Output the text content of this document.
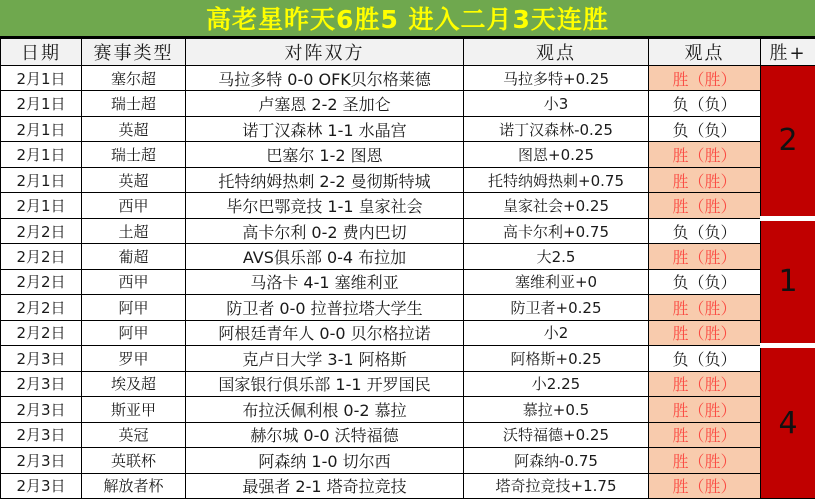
高老星昨天6胜5 进入二月3天连胜
日期	赛事类型	对阵双方	观点	观点	胜+
2月1日	塞尔超	马拉多特 0-0 OFK贝尔格莱德	马拉多特+0.25	胜（胜）	2
2月1日	瑞士超	卢塞恩 2-2 圣加仑	小3	负（负）	
2月1日	英超	诺丁汉森林 1-1 水晶宫	诺丁汉森林-0.25	负（负）	
2月1日	瑞士超	巴塞尔 1-2 图恩	图恩+0.25	胜（胜）	
2月1日	英超	托特纳姆热刺 2-2 曼彻斯特城	托特纳姆热刺+0.75	胜（胜）	
2月1日	西甲	毕尔巴鄂竞技 1-1 皇家社会	皇家社会+0.25	胜（胜）	
2月2日	土超	高卡尔利 0-2 费内巴切	高卡尔利+0.75	负（负）	1
2月2日	葡超	AVS俱乐部 0-4 布拉加	大2.5	胜（胜）	
2月2日	西甲	马洛卡 4-1 塞维利亚	塞维利亚+0	负（负）	
2月2日	阿甲	防卫者 0-0 拉普拉塔大学生	防卫者+0.25	胜（胜）	
2月2日	阿甲	阿根廷青年人 0-0 贝尔格拉诺	小2	胜（胜）	
2月3日	罗甲	克卢日大学 3-1 阿格斯	阿格斯+0.25	负（负）	4
2月3日	埃及超	国家银行俱乐部 1-1 开罗国民	小2.25	胜（胜）	
2月3日	斯亚甲	布拉沃佩利根 0-2 慕拉	慕拉+0.5	胜（胜）	
2月3日	英冠	赫尔城 0-0 沃特福德	沃特福德+0.25	胜（胜）	
2月3日	英联杯	阿森纳 1-0 切尔西	阿森纳-0.75	胜（胜）	
2月3日	解放者杯	最强者 2-1 塔奇拉竞技	塔奇拉竞技+1.75	胜（胜）	
